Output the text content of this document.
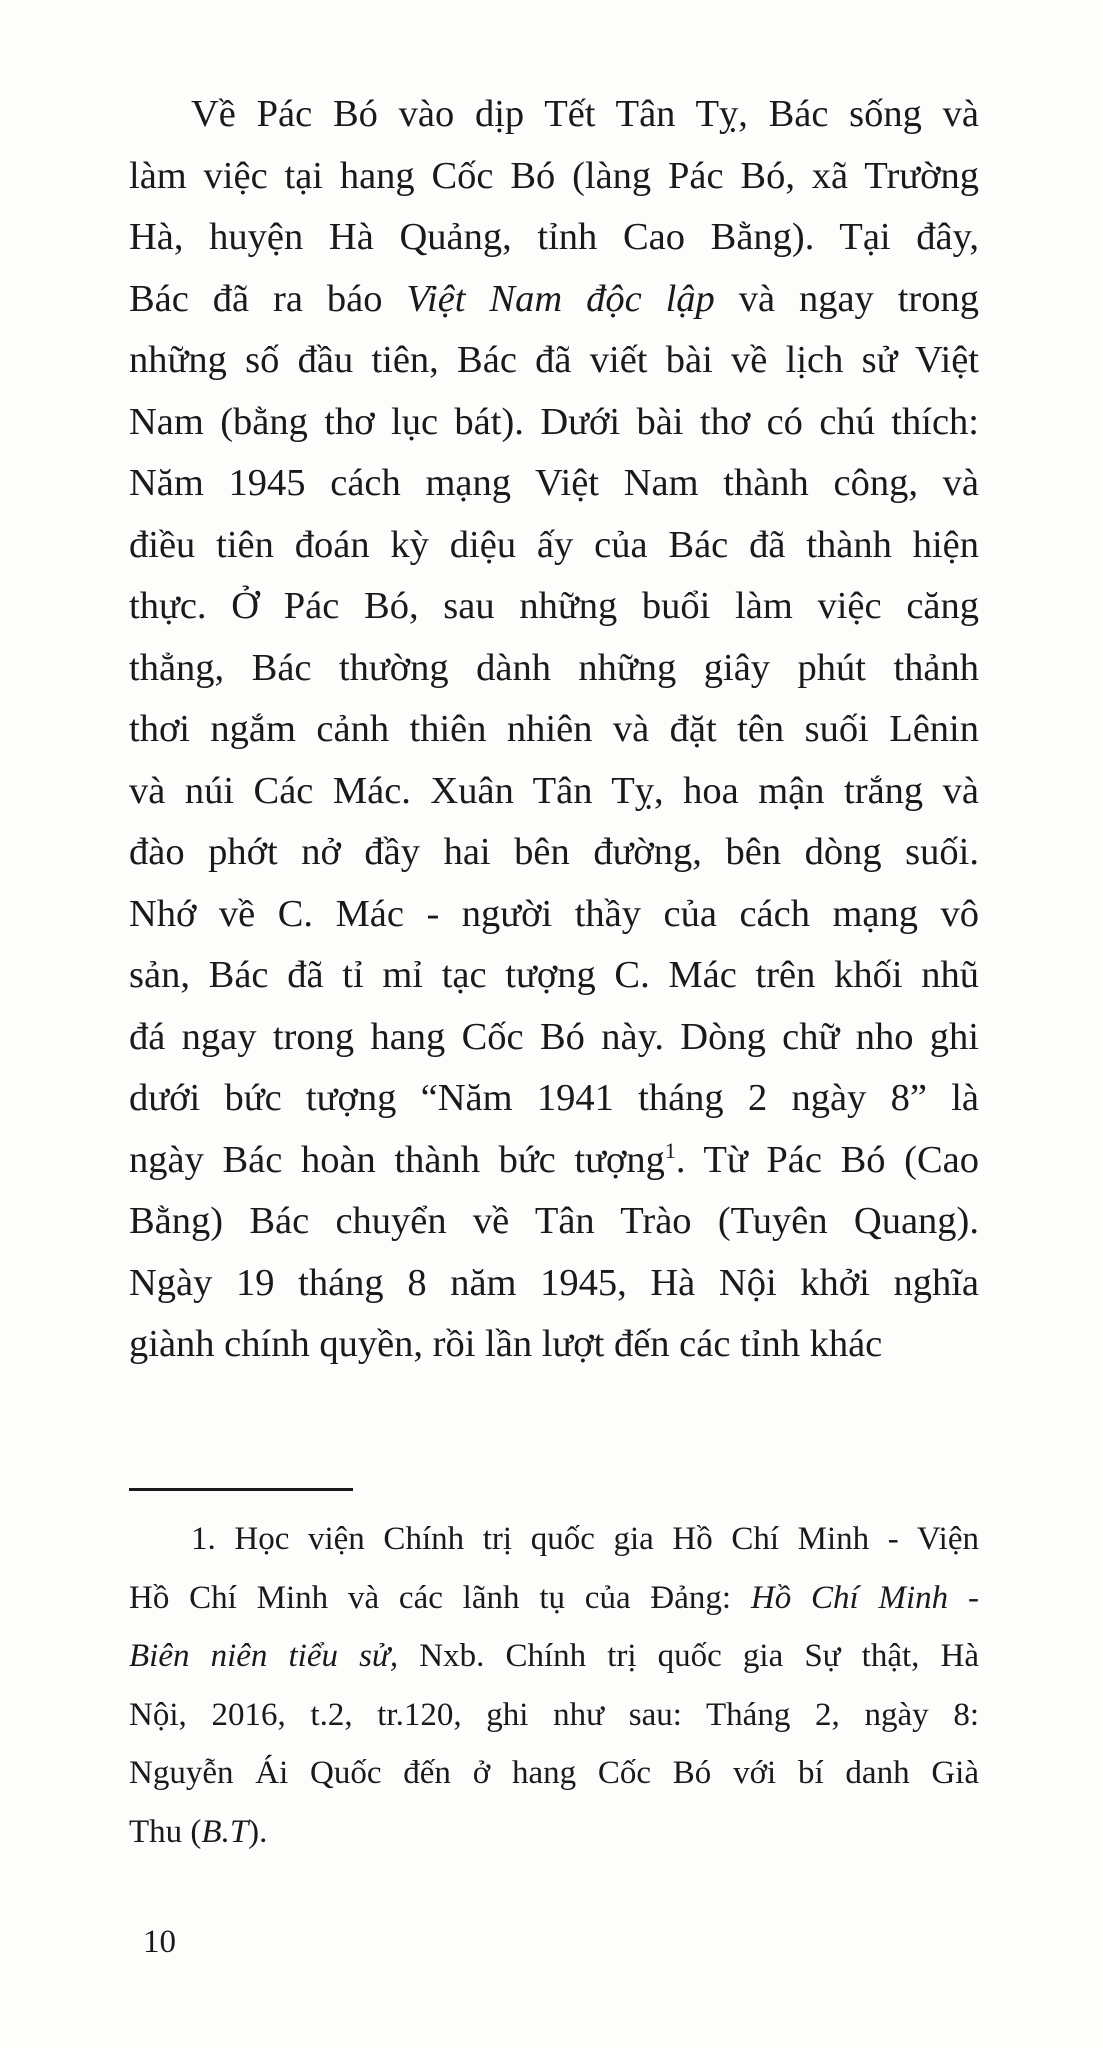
Về Pác Bó vào dịp Tết Tân Tỵ, Bác sống và
làm việc tại hang Cốc Bó (làng Pác Bó, xã Trường
Hà, huyện Hà Quảng, tỉnh Cao Bằng). Tại đây,
Bác đã ra báo Việt Nam độc lập và ngay trong
những số đầu tiên, Bác đã viết bài về lịch sử Việt
Nam (bằng thơ lục bát). Dưới bài thơ có chú thích:
Năm 1945 cách mạng Việt Nam thành công, và
điều tiên đoán kỳ diệu ấy của Bác đã thành hiện
thực. Ở Pác Bó, sau những buổi làm việc căng
thẳng, Bác thường dành những giây phút thảnh
thơi ngắm cảnh thiên nhiên và đặt tên suối Lênin
và núi Các Mác. Xuân Tân Tỵ, hoa mận trắng và
đào phớt nở đầy hai bên đường, bên dòng suối.
Nhớ về C. Mác - người thầy của cách mạng vô
sản, Bác đã tỉ mỉ tạc tượng C. Mác trên khối nhũ
đá ngay trong hang Cốc Bó này. Dòng chữ nho ghi
dưới bức tượng “Năm 1941 tháng 2 ngày 8” là
ngày Bác hoàn thành bức tượng$^1$. Từ Pác Bó (Cao
Bằng) Bác chuyển về Tân Trào (Tuyên Quang).
Ngày 19 tháng 8 năm 1945, Hà Nội khởi nghĩa
giành chính quyền, rồi lần lượt đến các tỉnh khác
1. Học viện Chính trị quốc gia Hồ Chí Minh - Viện
Hồ Chí Minh và các lãnh tụ của Đảng: Hồ Chí Minh -
Biên niên tiểu sử, Nxb. Chính trị quốc gia Sự thật, Hà
Nội, 2016, t.2, tr.120, ghi như sau: Tháng 2, ngày 8:
Nguyễn Ái Quốc đến ở hang Cốc Bó với bí danh Già
Thu (B.T).
10
